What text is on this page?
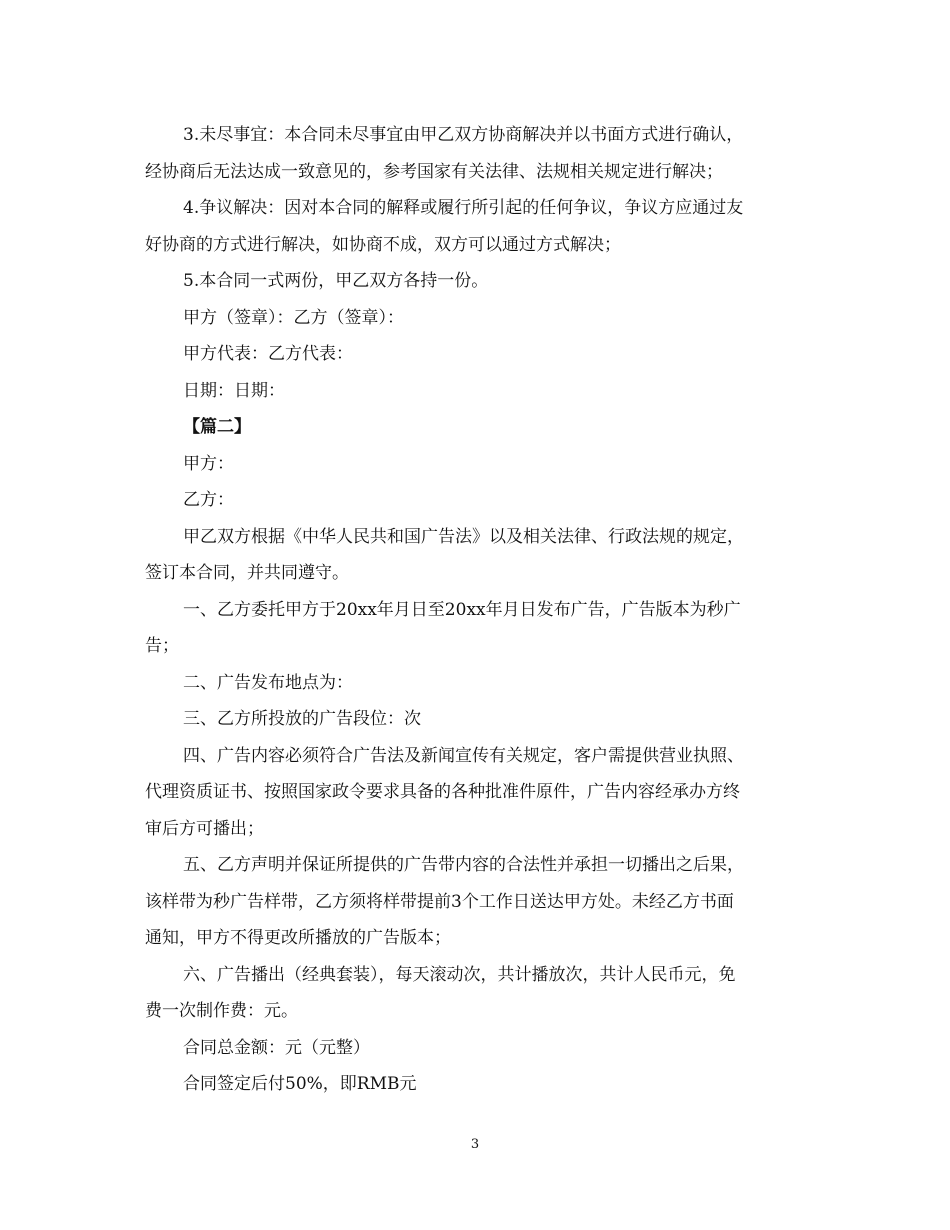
3.未尽事宜：本合同未尽事宜由甲乙双方协商解决并以书面方式进行确认，
经协商后无法达成一致意见的，参考国家有关法律、法规相关规定进行解决；

4.争议解决：因对本合同的解释或履行所引起的任何争议，争议方应通过友
好协商的方式进行解决，如协商不成，双方可以通过方式解决；

5.本合同一式两份，甲乙双方各持一份。

甲方（签章）：乙方（签章）：

甲方代表：乙方代表：

日期：日期：

【篇二】

甲方：

乙方：

甲乙双方根据《中华人民共和国广告法》以及相关法律、行政法规的规定，
签订本合同，并共同遵守。

一、乙方委托甲方于20xx年月日至20xx年月日发布广告，广告版本为秒广
告；

二、广告发布地点为：

三、乙方所投放的广告段位：次

四、广告内容必须符合广告法及新闻宣传有关规定，客户需提供营业执照、
代理资质证书、按照国家政令要求具备的各种批准件原件，广告内容经承办方终
审后方可播出；

五、乙方声明并保证所提供的广告带内容的合法性并承担一切播出之后果，
该样带为秒广告样带，乙方须将样带提前3个工作日送达甲方处。未经乙方书面
通知，甲方不得更改所播放的广告版本；

六、广告播出（经典套装），每天滚动次，共计播放次，共计人民币元，免
费一次制作费：元。

合同总金额：元（元整）

合同签定后付50%，即RMB元

3
